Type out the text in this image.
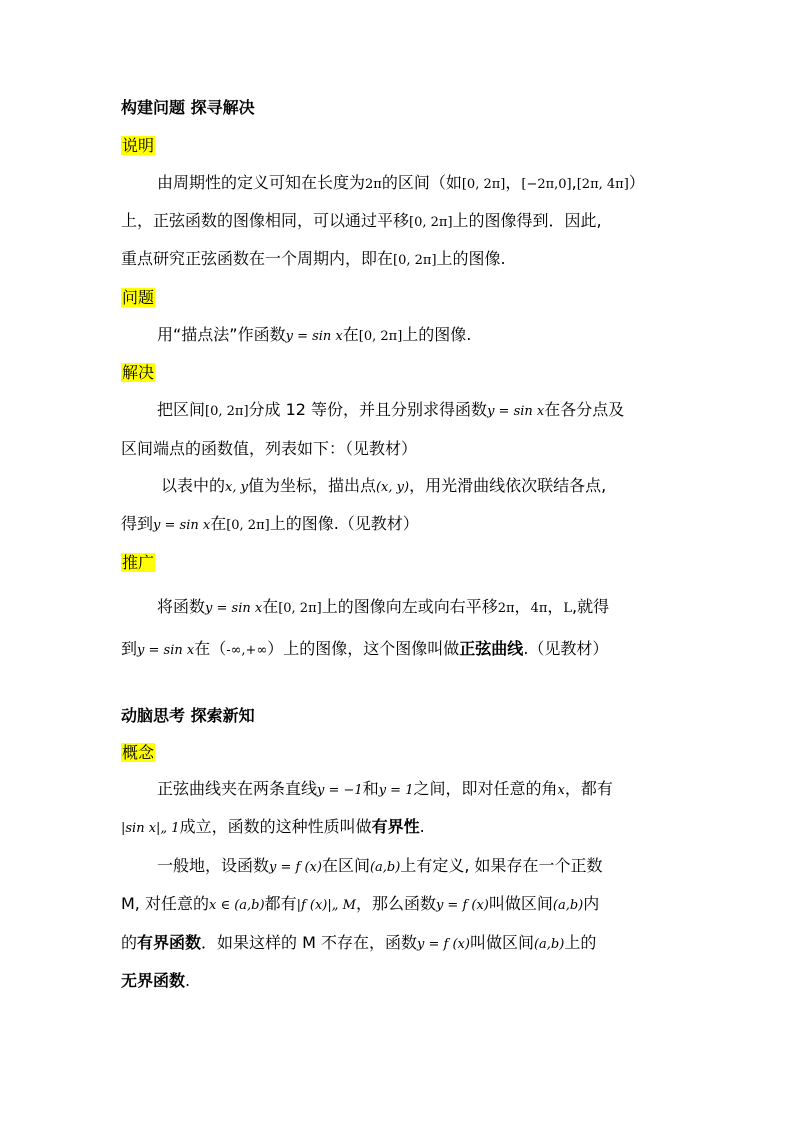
构建问题 探寻解决
说明
由周期性的定义可知在长度为2π的区间（如[0, 2π]，[−2π,0],[2π, 4π]）
上，正弦函数的图像相同，可以通过平移[0, 2π]上的图像得到．因此,
重点研究正弦函数在一个周期内，即在[0, 2π]上的图像.
问题
用“描点法”作函数y = sin x在[0, 2π]上的图像.
解决
把区间[0, 2π]分成 12 等份，并且分别求得函数y = sin x在各分点及
区间端点的函数值，列表如下：（见教材）
以表中的x, y值为坐标，描出点(x, y)，用光滑曲线依次联结各点,
得到y = sin x在[0, 2π]上的图像.（见教材）
推广
将函数y = sin x在[0, 2π]上的图像向左或向右平移2π，4π，L,就得
到y = sin x在（-∞,+∞）上的图像，这个图像叫做正弦曲线.（见教材）
动脑思考 探索新知
概念
正弦曲线夹在两条直线y = −1和y = 1之间，即对任意的角x，都有
|sin x|„ 1成立，函数的这种性质叫做有界性.
一般地，设函数y = f (x)在区间(a,b)上有定义, 如果存在一个正数
M, 对任意的x ∈ (a,b)都有|f (x)|„ M，那么函数y = f (x)叫做区间(a,b)内
的有界函数．如果这样的 M 不存在，函数y = f (x)叫做区间(a,b)上的
无界函数.
